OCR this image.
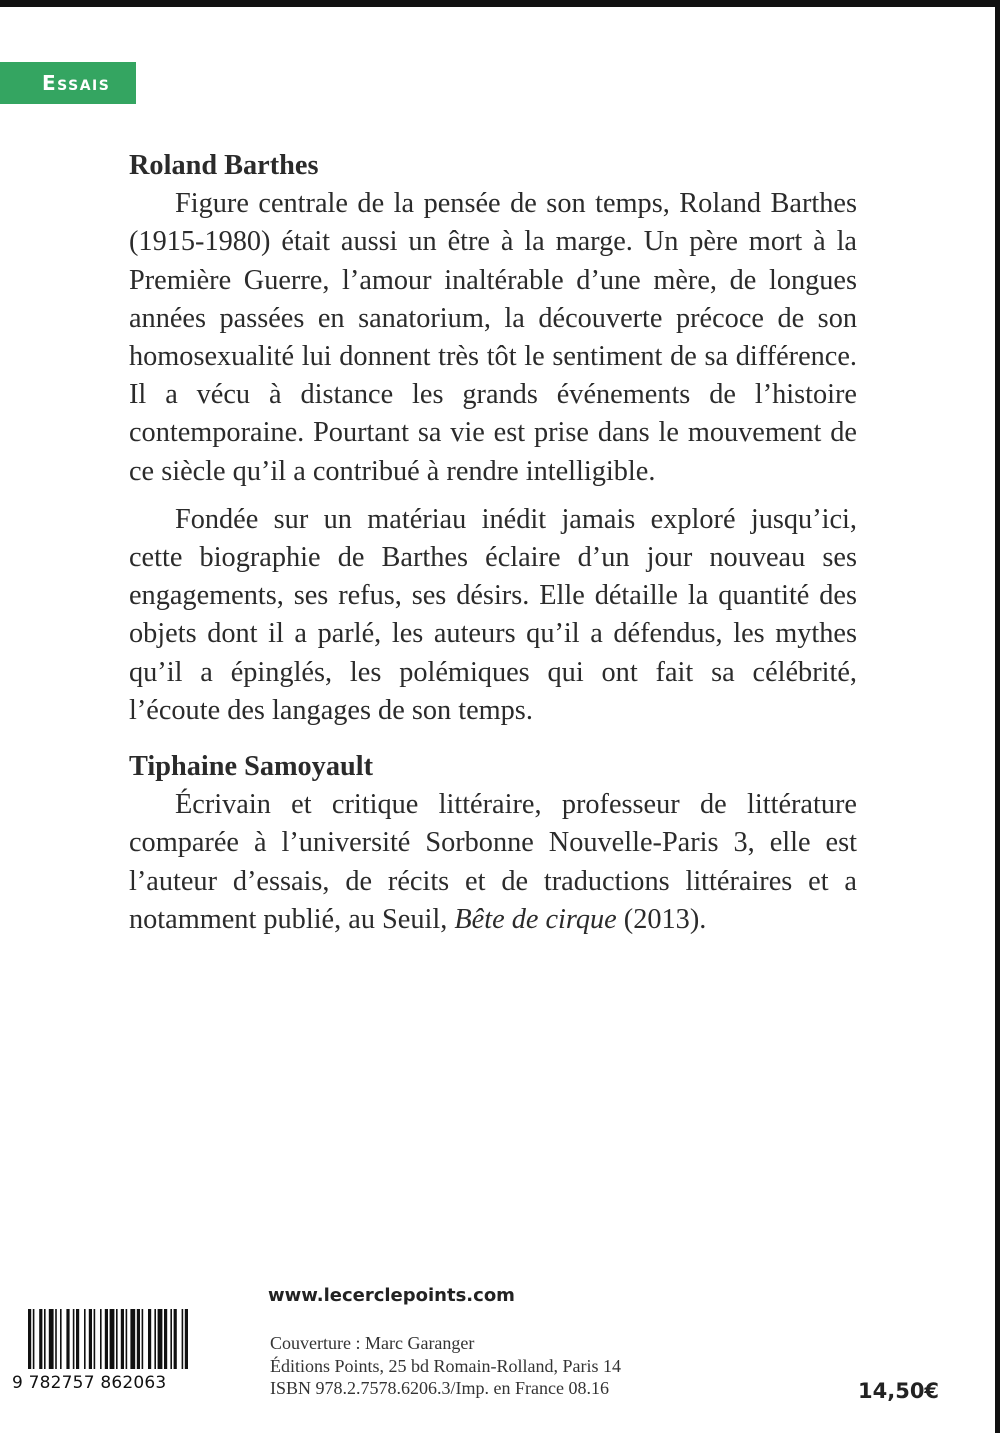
Essais

Roland Barthes

Figure centrale de la pensée de son temps, Roland Barthes (1915-1980) était aussi un être à la marge. Un père mort à la Première Guerre, l’amour inaltérable d’une mère, de longues années passées en sanatorium, la découverte précoce de son homosexualité lui donnent très tôt le sentiment de sa différence. Il a vécu à distance les grands événements de l’histoire contemporaine. Pourtant sa vie est prise dans le mouvement de ce siècle qu’il a contribué à rendre intelligible.

Fondée sur un matériau inédit jamais exploré jusqu’ici, cette biographie de Barthes éclaire d’un jour nouveau ses engagements, ses refus, ses désirs. Elle détaille la quantité des objets dont il a parlé, les auteurs qu’il a défendus, les mythes qu’il a épinglés, les polémiques qui ont fait sa célébrité, l’écoute des langages de son temps.

Tiphaine Samoyault

Écrivain et critique littéraire, professeur de littérature comparée à l’université Sorbonne Nouvelle-Paris 3, elle est l’auteur d’essais, de récits et de traductions littéraires et a notamment publié, au Seuil, Bête de cirque (2013).

www.lecerclepoints.com
9 782757 862063
Couverture : Marc Garanger
Éditions Points, 25 bd Romain-Rolland, Paris 14
ISBN 978.2.7578.6206.3/Imp. en France 08.16	14,50€
